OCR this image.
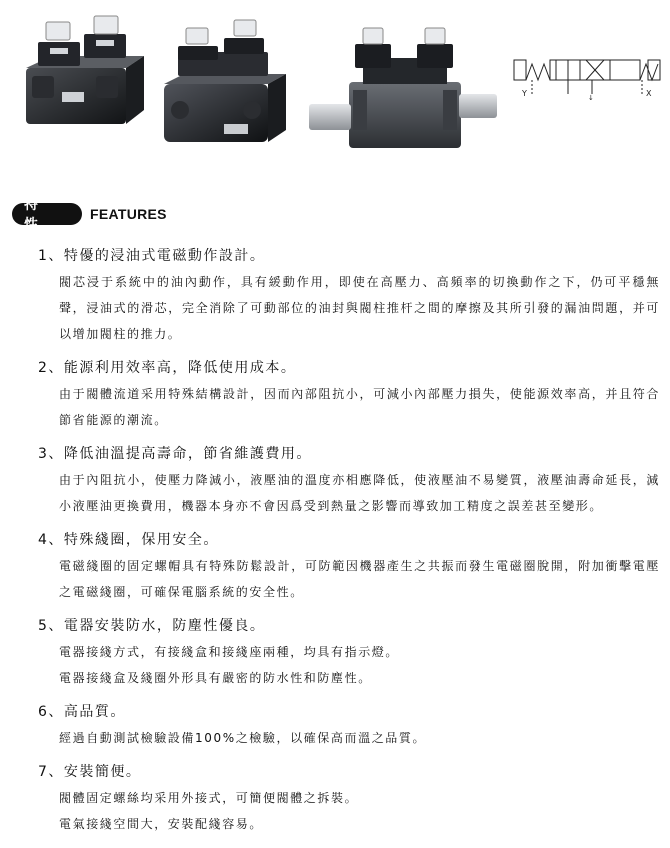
Y	X
↓
特 性
FEATURES
1、特優的浸油式電磁動作設計。

閥芯浸于系統中的油內動作，具有緩動作用，即使在高壓力、高頻率的切換動作之下，仍可平穩無聲，浸油式的滑芯，完全消除了可動部位的油封與閥柱推杆之間的摩擦及其所引發的漏油問題，并可以增加閥柱的推力。

2、能源利用效率高，降低使用成本。

由于閥體流道采用特殊結構設計，因而內部阻抗小，可減小內部壓力損失，使能源效率高，并且符合節省能源的潮流。

3、降低油溫提高壽命，節省維護費用。

由于內阻抗小，使壓力降減小，液壓油的溫度亦相應降低，使液壓油不易變質，液壓油壽命延長，減小液壓油更換費用，機器本身亦不會因爲受到熱量之影響而導致加工精度之誤差甚至變形。

4、特殊綫圈，保用安全。

電磁綫圈的固定螺帽具有特殊防鬆設計，可防範因機器產生之共振而發生電磁圈脫開，附加衝擊電壓之電磁綫圈，可確保電腦系統的安全性。

5、電器安裝防水，防塵性優良。

電器接綫方式，有接綫盒和接綫座兩種，均具有指示燈。

電器接綫盒及綫圈外形具有嚴密的防水性和防塵性。

6、高品質。

經過自動測試檢驗設備100%之檢驗，以確保高而溫之品質。

7、安裝簡便。

閥體固定螺絲均采用外接式，可簡便閥體之拆裝。

電氣接綫空間大，安裝配綫容易。
